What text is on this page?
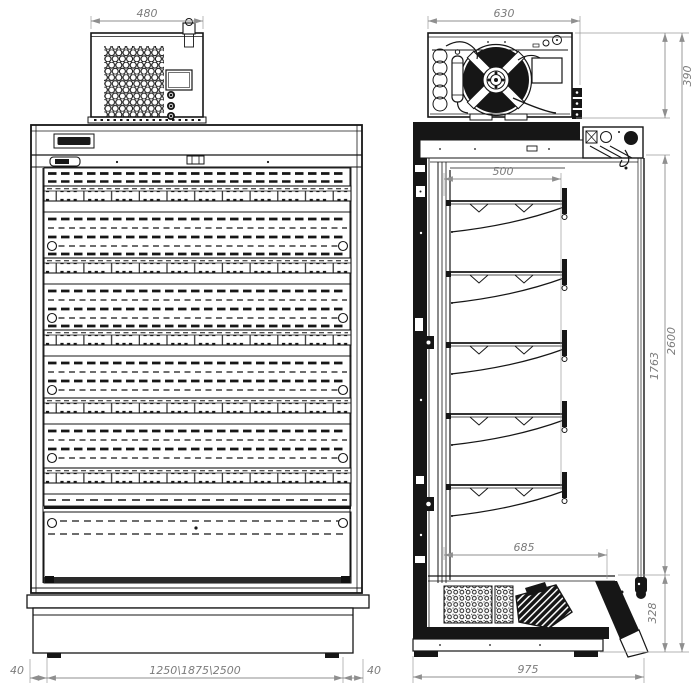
480
40	1250\1875\2500	40
630
390
1763
328
2600
500
685
975
